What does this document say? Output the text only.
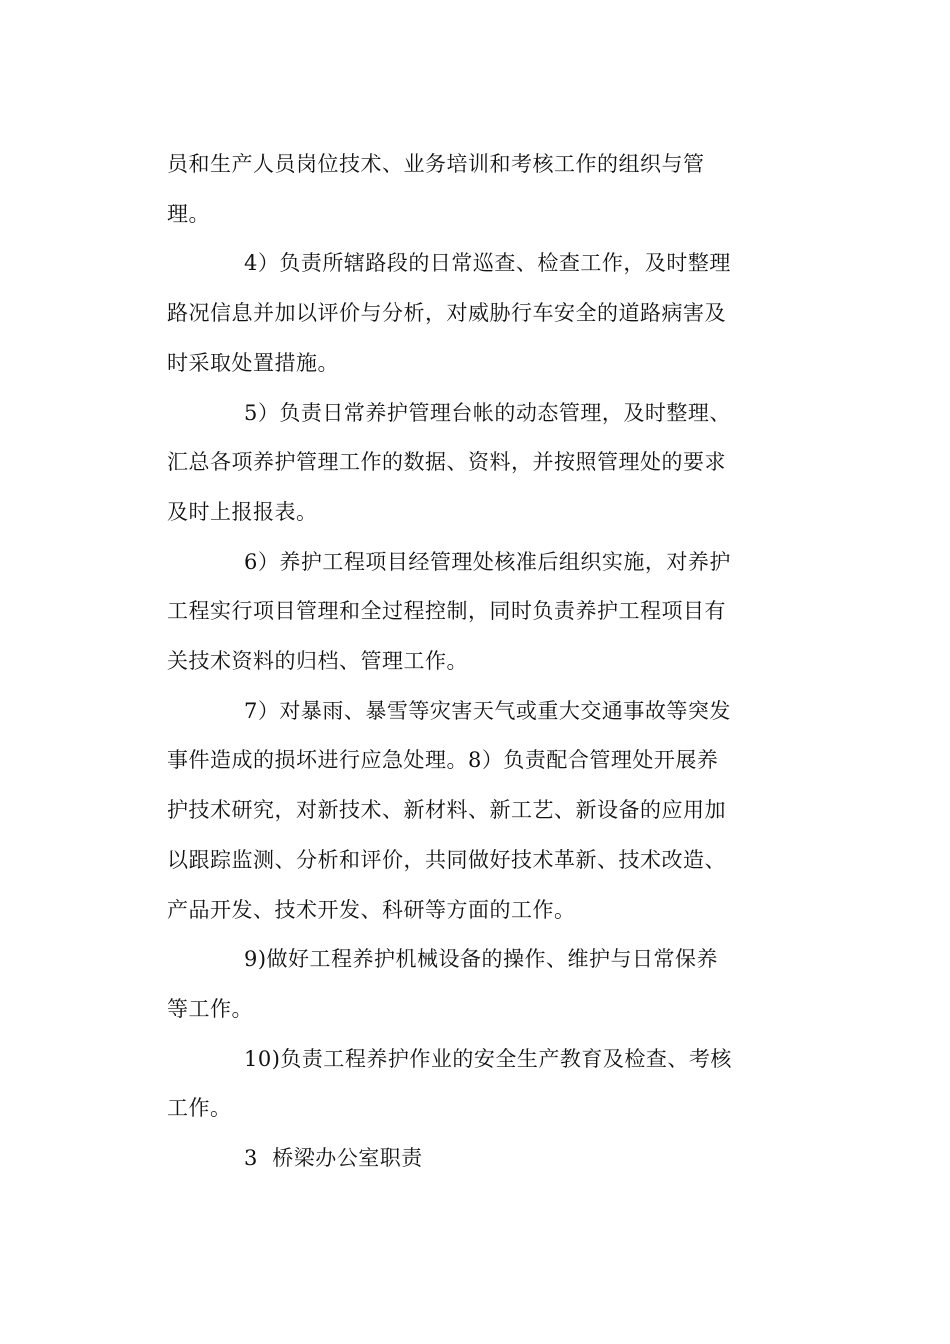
员和生产人员岗位技术、业务培训和考核工作的组织与管
理。

4）负责所辖路段的日常巡查、检查工作，及时整理
路况信息并加以评价与分析，对威胁行车安全的道路病害及
时采取处置措施。

5）负责日常养护管理台帐的动态管理，及时整理、
汇总各项养护管理工作的数据、资料，并按照管理处的要求
及时上报报表。

6）养护工程项目经管理处核准后组织实施，对养护
工程实行项目管理和全过程控制，同时负责养护工程项目有
关技术资料的归档、管理工作。

7）对暴雨、暴雪等灾害天气或重大交通事故等突发
事件造成的损坏进行应急处理。8）负责配合管理处开展养
护技术研究，对新技术、新材料、新工艺、新设备的应用加
以跟踪监测、分析和评价，共同做好技术革新、技术改造、
产品开发、技术开发、科研等方面的工作。

9)做好工程养护机械设备的操作、维护与日常保养
等工作。

10)负责工程养护作业的安全生产教育及检查、考核
工作。

3  桥梁办公室职责
